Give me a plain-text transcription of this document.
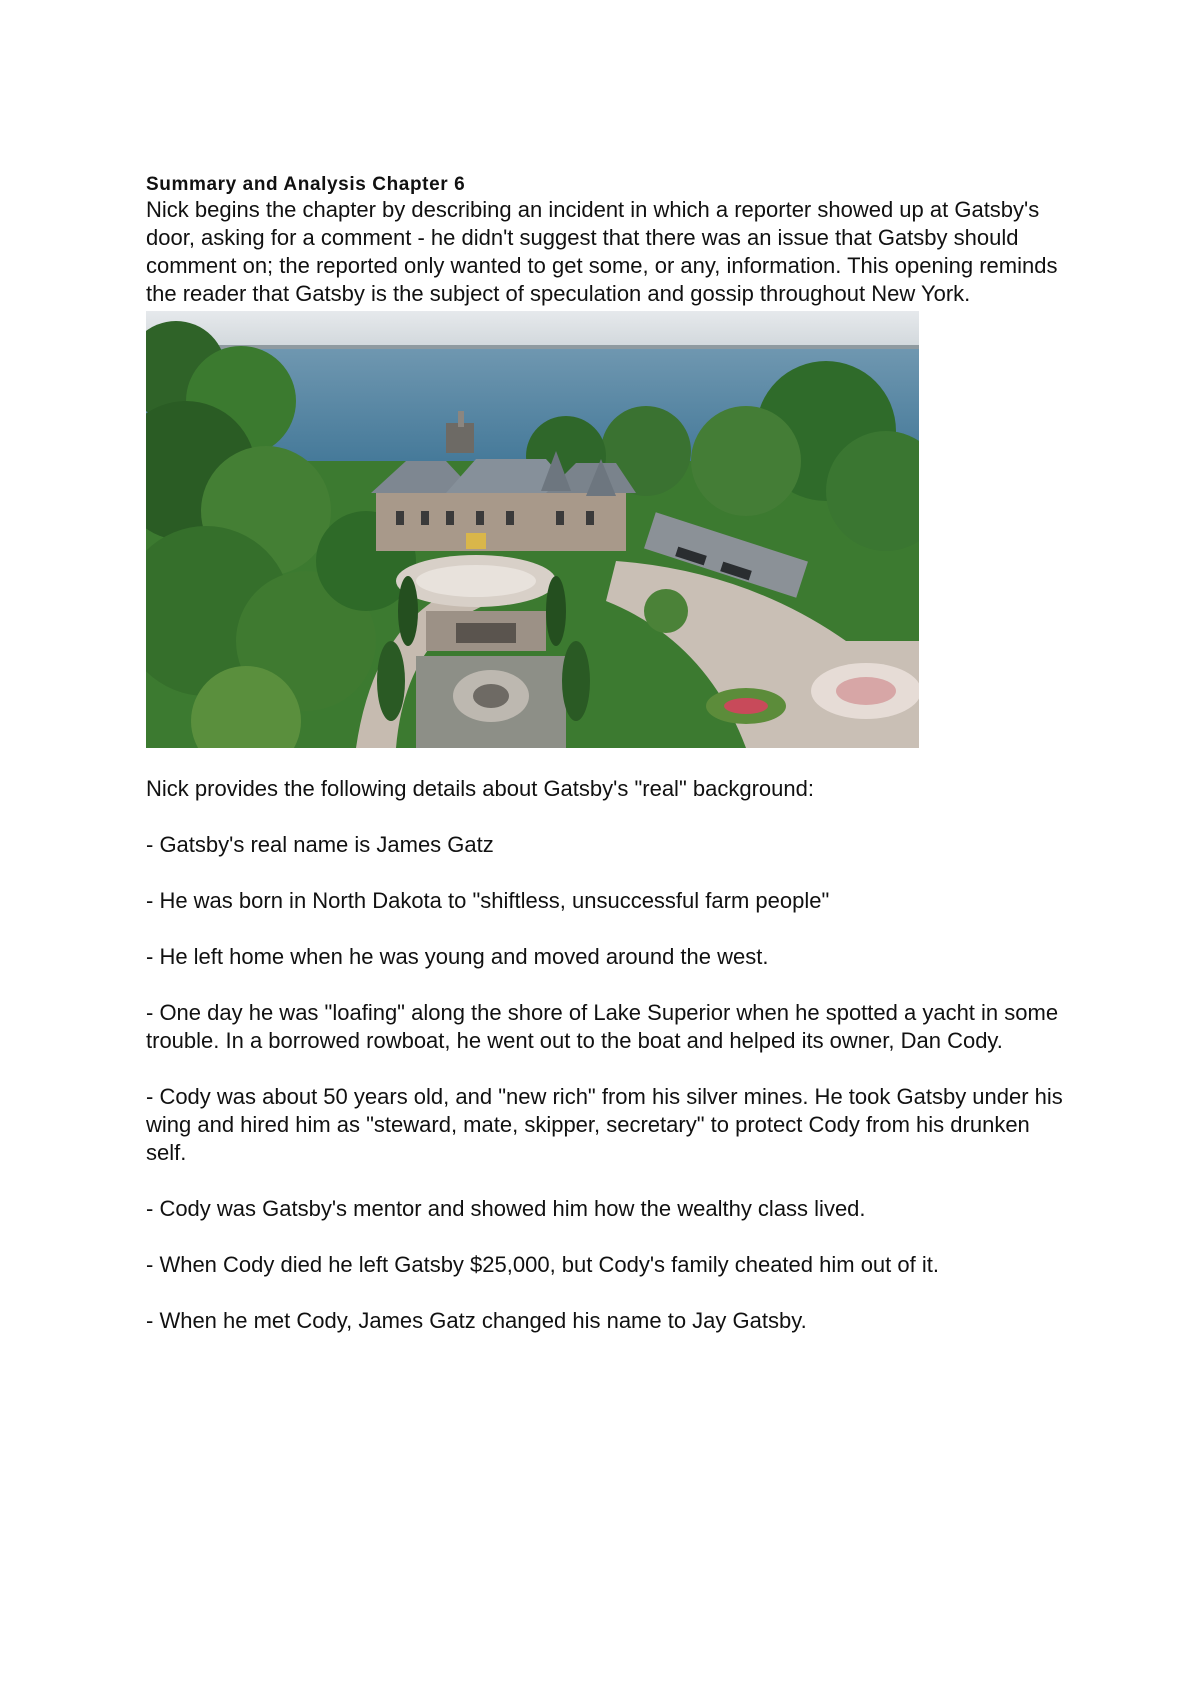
Summary and Analysis Chapter 6

Nick begins the chapter by describing an incident in which a reporter showed up at Gatsby's door, asking for a comment - he didn't suggest that there was an issue that Gatsby should comment on; the reported only wanted to get some, or any, information. This opening reminds the reader that Gatsby is the subject of speculation and gossip throughout New York.

Nick provides the following details about Gatsby's "real" background:

- Gatsby's real name is James Gatz
- He was born in North Dakota to "shiftless, unsuccessful farm people"
- He left home when he was young and moved around the west.
- One day he was "loafing" along the shore of Lake Superior when he spotted a yacht in some trouble. In a borrowed rowboat, he went out to the boat and helped its owner, Dan Cody.
- Cody was about 50 years old, and "new rich" from his silver mines. He took Gatsby under his wing and hired him as "steward, mate, skipper, secretary" to protect Cody from his drunken self.
- Cody was Gatsby's mentor and showed him how the wealthy class lived.
- When Cody died he left Gatsby $25,000, but Cody's family cheated him out of it.
- When he met Cody, James Gatz changed his name to Jay Gatsby.
